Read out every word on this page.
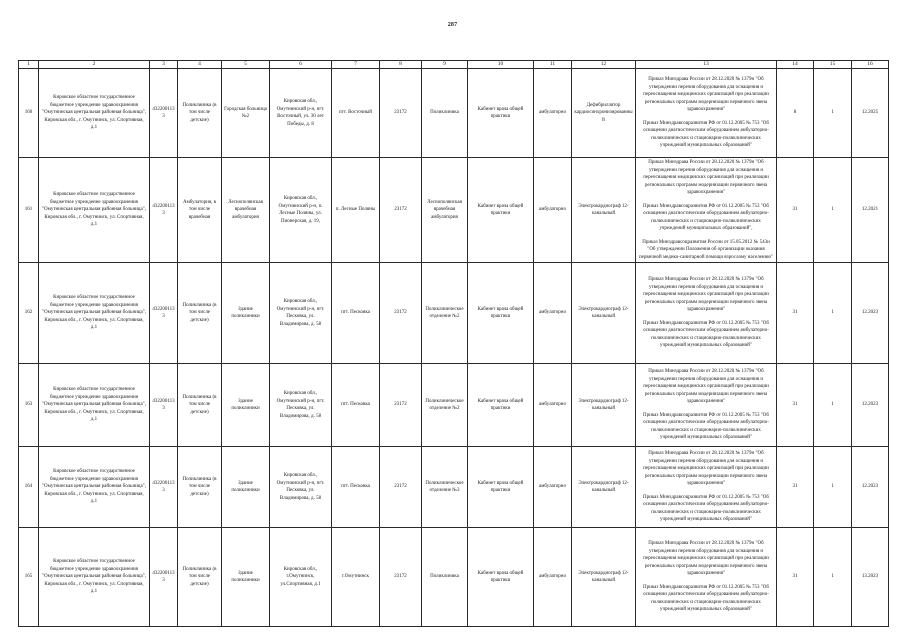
287
1	2	3	4	5	6	7	8	9	10	11	12	13	14	15	16
160	Кировское областное государственное бюджетное учреждение здравоохранения "Омутнинская центральная районная больница", Кировская обл., г. Омутнинск, ул. Спортивная, д.1	4322001133	Поликлиника (в том числе детские)	Городская больница №2	Кировская обл., Омутнинский р-н, пгт. Восточный, ул. 30 лет Победы, д. 8	пгт. Восточный	23172	Поликлиника	Кабинет врача общей практики	амбулаторно	Дефибриллятор кардиосинхронизированный	Приказ Минздрава России от 28.12.2020 № 1379н "Об утверждении перечня оборудования для оснащения и переоснащения медицинских организаций при реализации региональных программ модернизации первичного звена здравоохранения"

Приказ Минздравсоцразвития РФ от 01.12.2005 № 753 "Об оснащении диагностическим оборудованием амбулаторно-поликлинических и стационарно-поликлинических учреждений муниципальных образований"	8	1	12.2025
161	Кировское областное государственное бюджетное учреждение здравоохранения "Омутнинская центральная районная больница", Кировская обл., г. Омутнинск, ул. Спортивная, д.1	4322001133	Амбулатория, в том числе врачебная	Леснополянская врачебная амбулатория	Кировская обл., Омутнинский р-н, п. Лесные Поляны, ул. Пионерская, д. 19,	п. Лесные Поляны	23172	Леснополянская врачебная амбулатория	Кабинет врача общей практики	амбулаторно	Электрокардиограф 12-канальный	Приказ Минздрава России от 28.12.2020 № 1379н "Об утверждении перечня оборудования для оснащения и переоснащения медицинских организаций при реализации региональных программ модернизации первичного звена здравоохранения"

Приказ Минздравсоцразвития РФ от 01.12.2005 № 753 "Об оснащении диагностическим оборудованием амбулаторно-поликлинических и стационарно-поликлинических учреждений муниципальных образований",

Приказ Минздравсоцразвития России от 15.05.2012 № 543н "Об утверждении Положения об организации оказания первичной медико-санитарной помощи взрослому населению"	31	1	12.2021
162	Кировское областное государственное бюджетное учреждение здравоохранения "Омутнинская центральная районная больница", Кировская обл., г. Омутнинск, ул. Спортивная, д.1	4322001133	Поликлиника (в том числе детские)	Здание поликлиники	Кировская обл., Омутнинский р-н, пгт. Песковка, ул. Владимирова, д. 58	пгт. Песковка	23172	Поликлиническое отделение №2	Кабинет врача общей практики	амбулаторно	Электрокардиограф 12-канальный	Приказ Минздрава России от 28.12.2020 № 1379н "Об утверждении перечня оборудования для оснащения и переоснащения медицинских организаций при реализации региональных программ модернизации первичного звена здравоохранения"

Приказ Минздравсоцразвития РФ от 01.12.2005 № 753 "Об оснащении диагностическим оборудованием амбулаторно-поликлинических и стационарно-поликлинических учреждений муниципальных образований"	31	1	12.2023
163	Кировское областное государственное бюджетное учреждение здравоохранения "Омутнинская центральная районная больница", Кировская обл., г. Омутнинск, ул. Спортивная, д.1	4322001133	Поликлиника (в том числе детские)	Здание поликлиники	Кировская обл., Омутнинский р-н, пгт. Песковка, ул. Владимирова, д. 58	пгт. Песковка	23172	Поликлиническое отделение №2	Кабинет врача общей практики	амбулаторно	Электрокардиограф 12-канальный	Приказ Минздрава России от 28.12.2020 № 1379н "Об утверждении перечня оборудования для оснащения и переоснащения медицинских организаций при реализации региональных программ модернизации первичного звена здравоохранения"

Приказ Минздравсоцразвития РФ от 01.12.2005 № 753 "Об оснащении диагностическим оборудованием амбулаторно-поликлинических и стационарно-поликлинических учреждений муниципальных образований"	31	1	12.2023
164	Кировское областное государственное бюджетное учреждение здравоохранения "Омутнинская центральная районная больница", Кировская обл., г. Омутнинск, ул. Спортивная, д.1	4322001133	Поликлиника (в том числе детские)	Здание поликлиники	Кировская обл., Омутнинский р-н, пгт. Песковка, ул. Владимирова, д. 58	пгт. Песковка	23172	Поликлиническое отделение №3	Кабинет врача общей практики	амбулаторно	Электрокардиограф 12-канальный	Приказ Минздрава России от 28.12.2020 № 1379н "Об утверждении перечня оборудования для оснащения и переоснащения медицинских организаций при реализации региональных программ модернизации первичного звена здравоохранения"

Приказ Минздравсоцразвития РФ от 01.12.2005 № 753 "Об оснащении диагностическим оборудованием амбулаторно-поликлинических и стационарно-поликлинических учреждений муниципальных образований"	31	1	12.2023
165	Кировское областное государственное бюджетное учреждение здравоохранения "Омутнинская центральная районная больница", Кировская обл., г. Омутнинск, ул. Спортивная, д.1	4322001133	Поликлиника (в том числе детские)	Здание поликлиники	Кировская обл., г.Омутнинск, ул.Спортивная, д.1	г.Омутнинск	23172	Поликлиника	Кабинет врача общей практики	амбулаторно	Электрокардиограф 12-канальный	Приказ Минздрава России от 28.12.2020 № 1379н "Об утверждении перечня оборудования для оснащения и переоснащения медицинских организаций при реализации региональных программ модернизации первичного звена здравоохранения"

Приказ Минздравсоцразвития РФ от 01.12.2005 № 753 "Об оснащении диагностическим оборудованием амбулаторно-поликлинических и стационарно-поликлинических учреждений муниципальных образований"	31	1	13.2023
